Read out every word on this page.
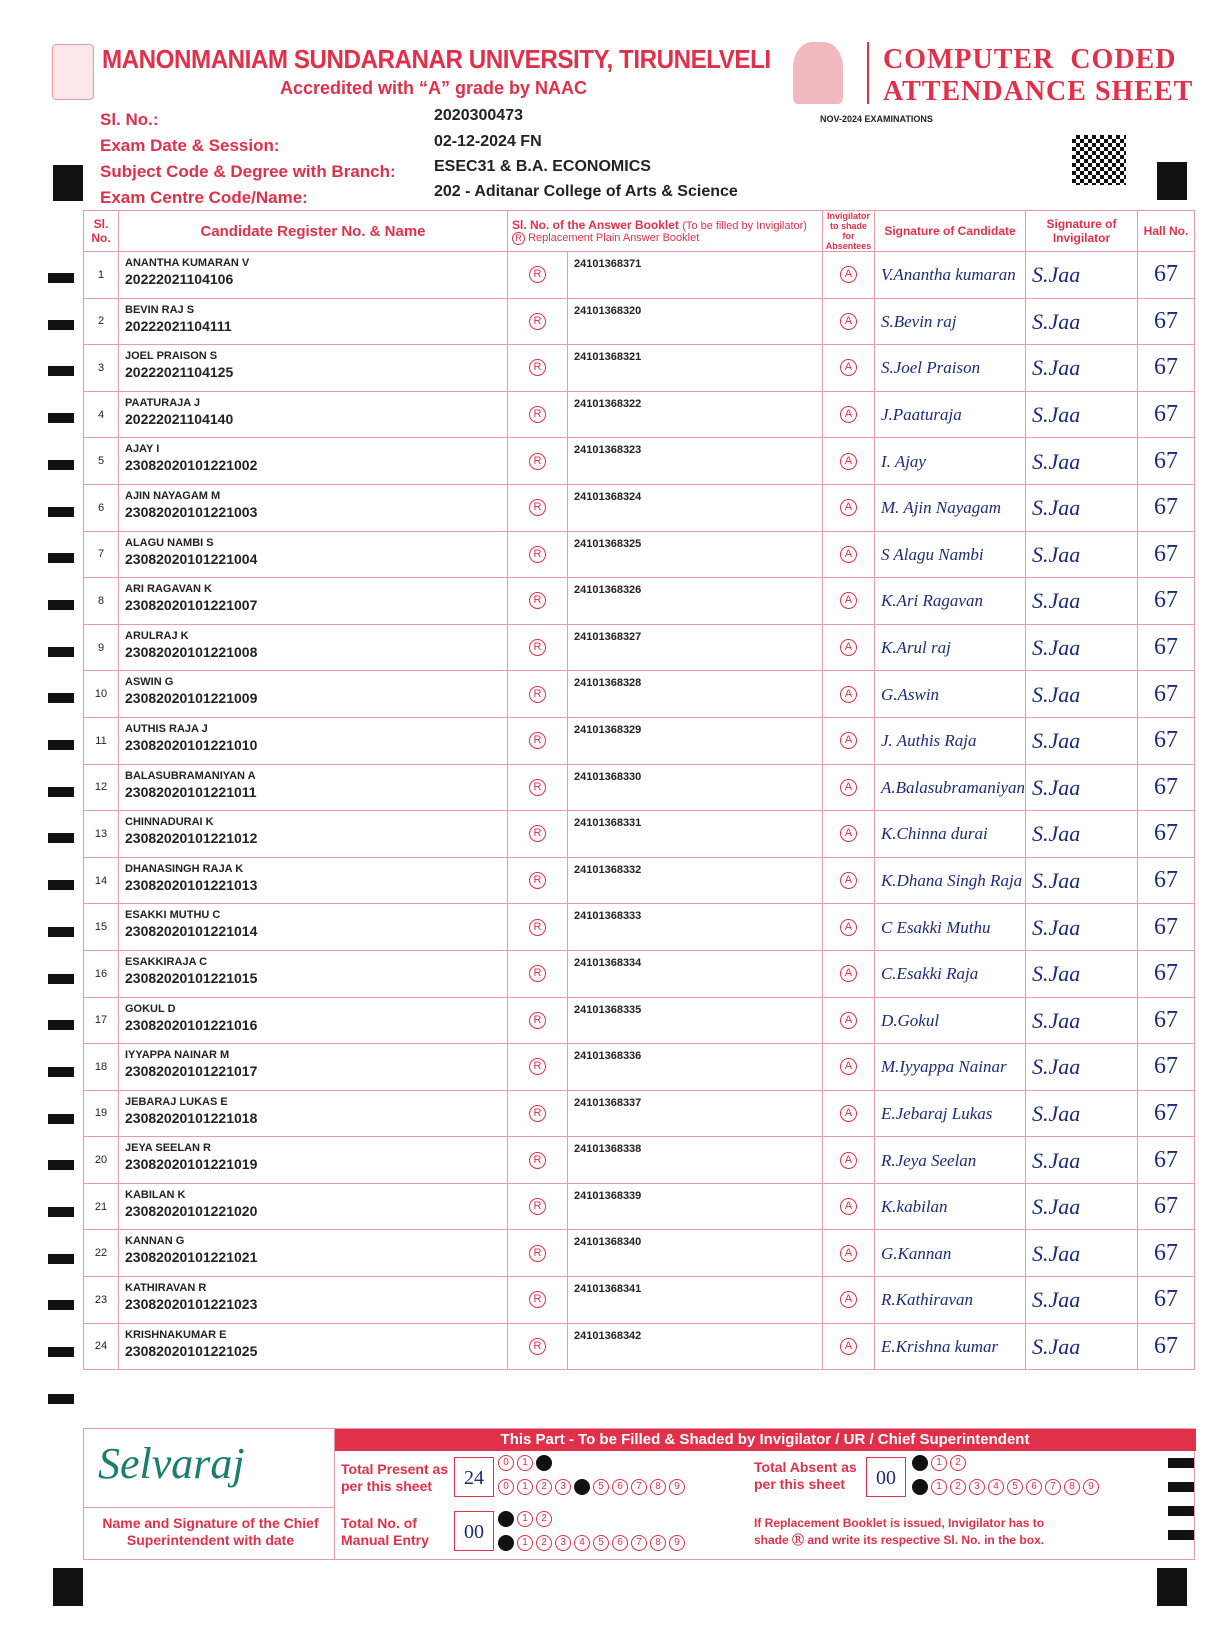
MANONMANIAM SUNDARANAR UNIVERSITY, TIRUNELVELI
Accredited with “A” grade by NAAC
COMPUTER  CODED
ATTENDANCE SHEET
NOV-2024 EXAMINATIONS
Sl. No.:	2020300473
Exam Date & Session:	02-12-2024 FN
Subject Code & Degree with Branch: ESEC31 & B.A. ECONOMICS
Exam Centre Code/Name:	202 - Aditanar College of Arts & Science
Sl. No.	Candidate Register No. & Name	Sl. No. of the Answer Booklet (To be filled by Invigilator)
R Replacement Plain Answer Booklet		Invigilator to shade for Absentees	Signature of Candidate	Signature of Invigilator	Hall No.
1	ANANTHA KUMARAN V
20222021104106	R	24101368371	A	V.Anantha kumaran	S.Jaa	67
2	BEVIN RAJ S
20222021104111	R	24101368320	A	S.Bevin raj	S.Jaa	67
3	JOEL PRAISON S
20222021104125	R	24101368321	A	S.Joel Praison	S.Jaa	67
4	PAATURAJA J
20222021104140	R	24101368322	A	J.Paaturaja	S.Jaa	67
5	AJAY I
23082020101221002	R	24101368323	A	I. Ajay	S.Jaa	67
6	AJIN NAYAGAM M
23082020101221003	R	24101368324	A	M. Ajin Nayagam	S.Jaa	67
7	ALAGU NAMBI S
23082020101221004	R	24101368325	A	S Alagu Nambi	S.Jaa	67
8	ARI RAGAVAN K
23082020101221007	R	24101368326	A	K.Ari Ragavan	S.Jaa	67
9	ARULRAJ K
23082020101221008	R	24101368327	A	K.Arul raj	S.Jaa	67
10	ASWIN G
23082020101221009	R	24101368328	A	G.Aswin	S.Jaa	67
11	AUTHIS RAJA J
23082020101221010	R	24101368329	A	J. Authis Raja	S.Jaa	67
12	BALASUBRAMANIYAN A
23082020101221011	R	24101368330	A	A.Balasubramaniyan	S.Jaa	67
13	CHINNADURAI K
23082020101221012	R	24101368331	A	K.Chinna durai	S.Jaa	67
14	DHANASINGH RAJA K
23082020101221013	R	24101368332	A	K.Dhana Singh Raja	S.Jaa	67
15	ESAKKI MUTHU C
23082020101221014	R	24101368333	A	C Esakki Muthu	S.Jaa	67
16	ESAKKIRAJA C
23082020101221015	R	24101368334	A	C.Esakki Raja	S.Jaa	67
17	GOKUL D
23082020101221016	R	24101368335	A	D.Gokul	S.Jaa	67
18	IYYAPPA NAINAR M
23082020101221017	R	24101368336	A	M.Iyyappa Nainar	S.Jaa	67
19	JEBARAJ LUKAS E
23082020101221018	R	24101368337	A	E.Jebaraj Lukas	S.Jaa	67
20	JEYA SEELAN R
23082020101221019	R	24101368338	A	R.Jeya Seelan	S.Jaa	67
21	KABILAN K
23082020101221020	R	24101368339	A	K.kabilan	S.Jaa	67
22	KANNAN G
23082020101221021	R	24101368340	A	G.Kannan	S.Jaa	67
23	KATHIRAVAN R
23082020101221023	R	24101368341	A	R.Kathiravan	S.Jaa	67
24	KRISHNAKUMAR E
23082020101221025	R	24101368342	A	E.Krishna kumar	S.Jaa	67
This Part - To be Filled & Shaded by Invigilator / UR / Chief Superintendent
Selvaraj
Name and Signature of the Chief Superintendent with date
Total Present as per this sheet	24
0	1	2
0	1	2	3	4	5	6	7	8	9
Total Absent as per this sheet	00
0	1	2
0	1	2	3	4	5	6	7	8	9
Total No. of Manual Entry	00
0	1	2
0	1	2	3	4	5	6	7	8	9
If Replacement Booklet is issued, Invigilator has to shade Ⓡ and write its respective Sl. No. in the box.
